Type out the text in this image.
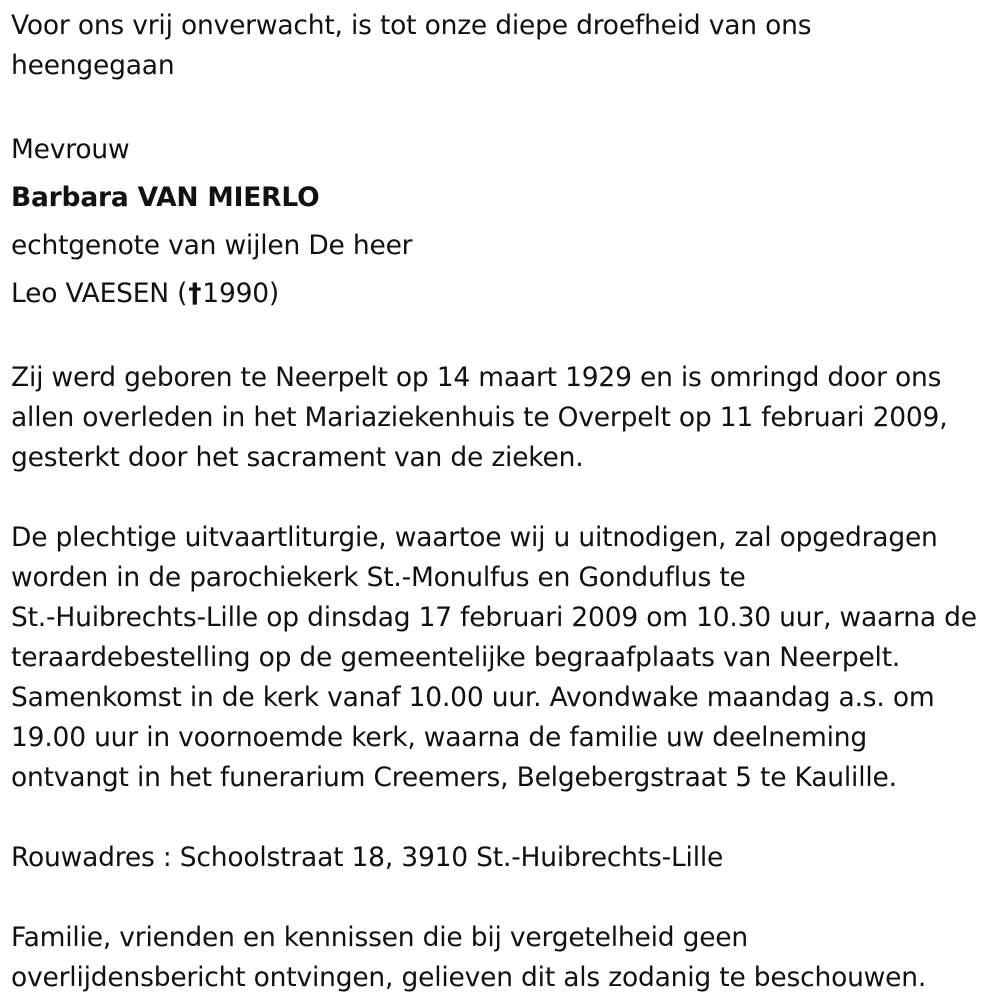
Voor ons vrij onverwacht, is tot onze diepe droefheid van ons

heengegaan

Mevrouw

Barbara VAN MIERLO

echtgenote van wijlen De heer

Leo VAESEN (†1990)

Zij werd geboren te Neerpelt op 14 maart 1929 en is omringd door ons

allen overleden in het Mariaziekenhuis te Overpelt op 11 februari 2009,

gesterkt door het sacrament van de zieken.

De plechtige uitvaartliturgie, waartoe wij u uitnodigen, zal opgedragen

worden in de parochiekerk St.-Monulfus en Gonduflus te

St.-Huibrechts-Lille op dinsdag 17 februari 2009 om 10.30 uur, waarna de

teraardebestelling op de gemeentelijke begraafplaats van Neerpelt.

Samenkomst in de kerk vanaf 10.00 uur. Avondwake maandag a.s. om

19.00 uur in voornoemde kerk, waarna de familie uw deelneming

ontvangt in het funerarium Creemers, Belgebergstraat 5 te Kaulille.

Rouwadres : Schoolstraat 18, 3910 St.-Huibrechts-Lille

Familie, vrienden en kennissen die bij vergetelheid geen

overlijdensbericht ontvingen, gelieven dit als zodanig te beschouwen.
